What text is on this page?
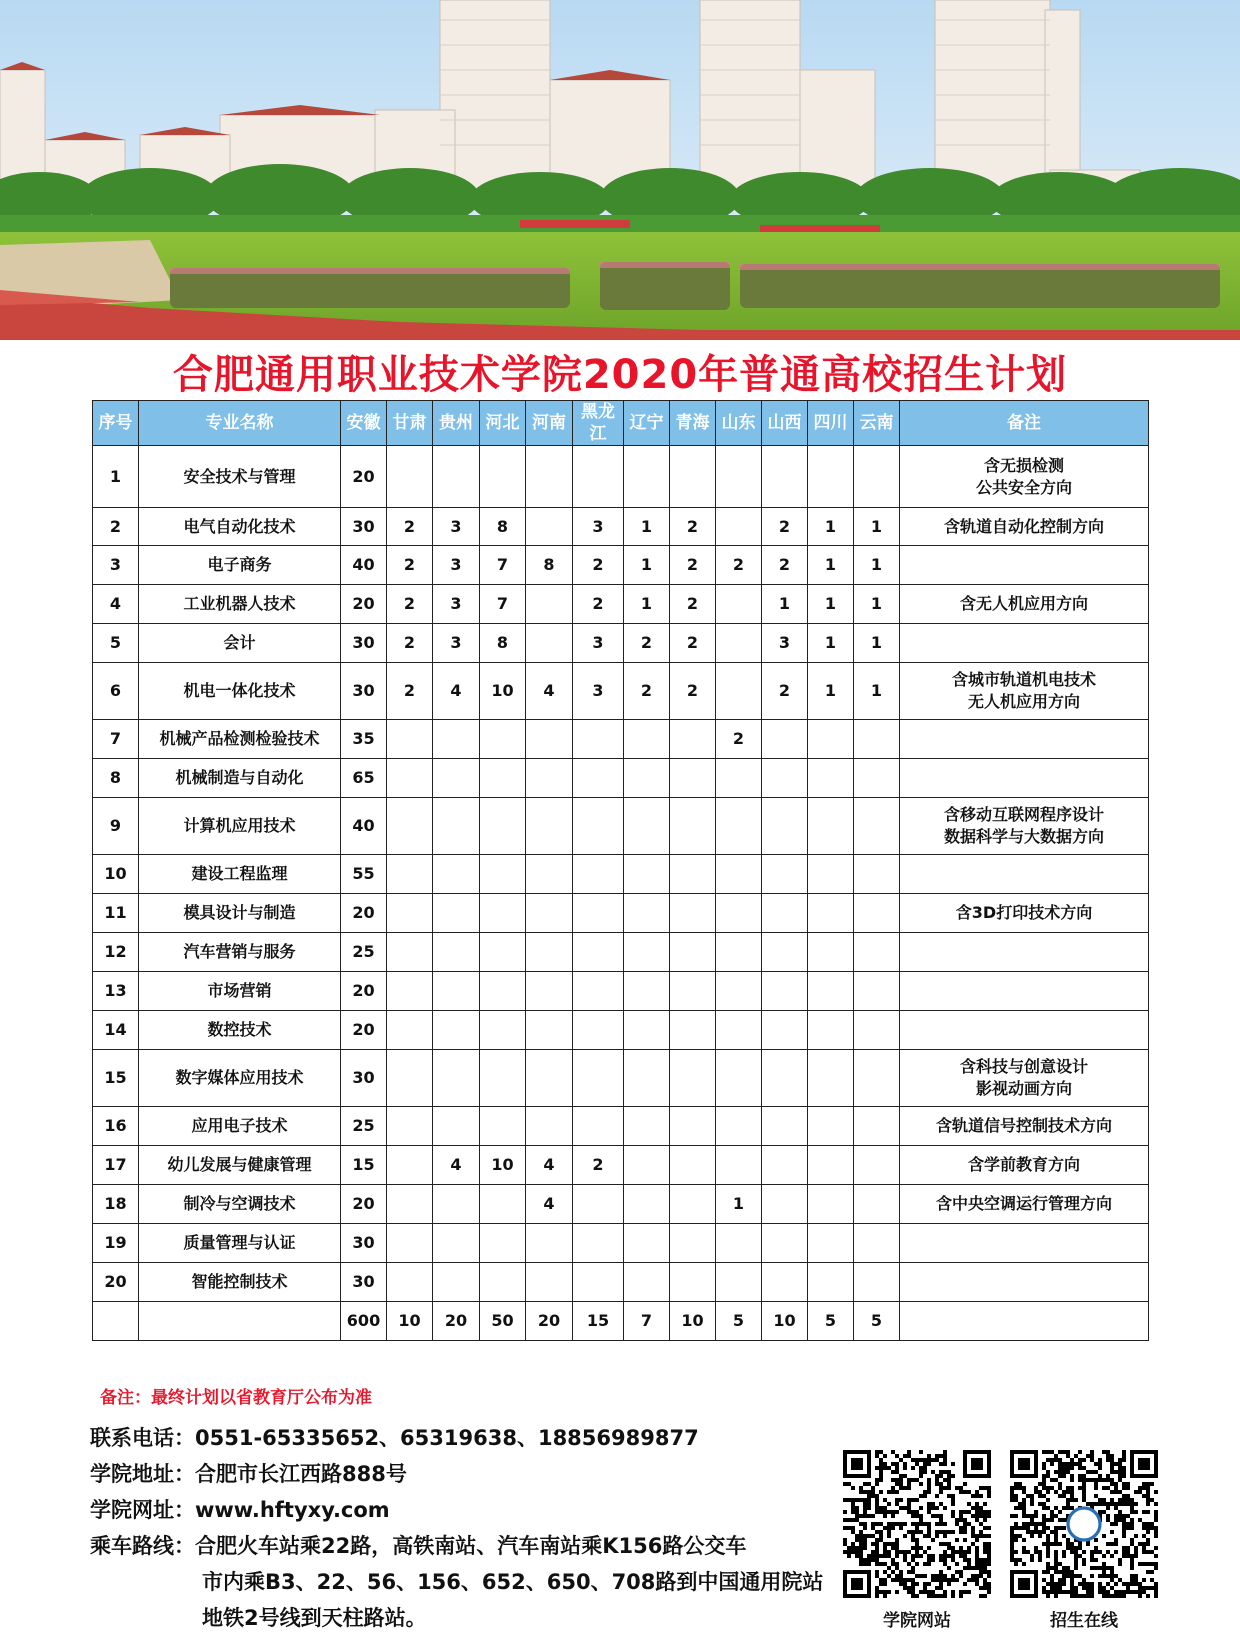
合肥通用职业技术学院2020年普通高校招生计划
序号	专业名称	安徽	甘肃	贵州	河北	河南	黑龙江	辽宁	青海	山东	山西	四川	云南	备注
1	安全技术与管理	20												含无损检测
公共安全方向

2	电气自动化技术	30	2	3	8		3	1	2		2	1	1	含轨道自动化控制方向

3	电子商务	40	2	3	7	8	2	1	2	2	2	1	1	
4	工业机器人技术	20	2	3	7		2	1	2		1	1	1	含无人机应用方向

5	会计	30	2	3	8		3	2	2		3	1	1	
6	机电一体化技术	30	2	4	10	4	3	2	2		2	1	1	含城市轨道机电技术
无人机应用方向

7	机械产品检测检验技术	35								2				
8	机械制造与自动化	65												
9	计算机应用技术	40												含移动互联网程序设计
数据科学与大数据方向

10	建设工程监理	55												
11	模具设计与制造	20												含3D打印技术方向

12	汽车营销与服务	25												
13	市场营销	20												
14	数控技术	20												
15	数字媒体应用技术	30												含科技与创意设计
影视动画方向

16	应用电子技术	25												含轨道信号控制技术方向

17	幼儿发展与健康管理	15		4	10	4	2							含学前教育方向

18	制冷与空调技术	20				4				1				含中央空调运行管理方向

19	质量管理与认证	30												
20	智能控制技术	30												
		600	10	20	50	20	15	7	10	5	10	5	5	
备注：最终计划以省教育厅公布为准
联系电话：0551-65335652、65319638、18856989877
学院地址：合肥市长江西路888号
学院网址：www.hftyxy.com
乘车路线：合肥火车站乘22路，高铁南站、汽车南站乘K156路公交车
市内乘B3、22、56、156、652、650、708路到中国通用院站
地铁2号线到天柱路站。	学院网站	招生在线
